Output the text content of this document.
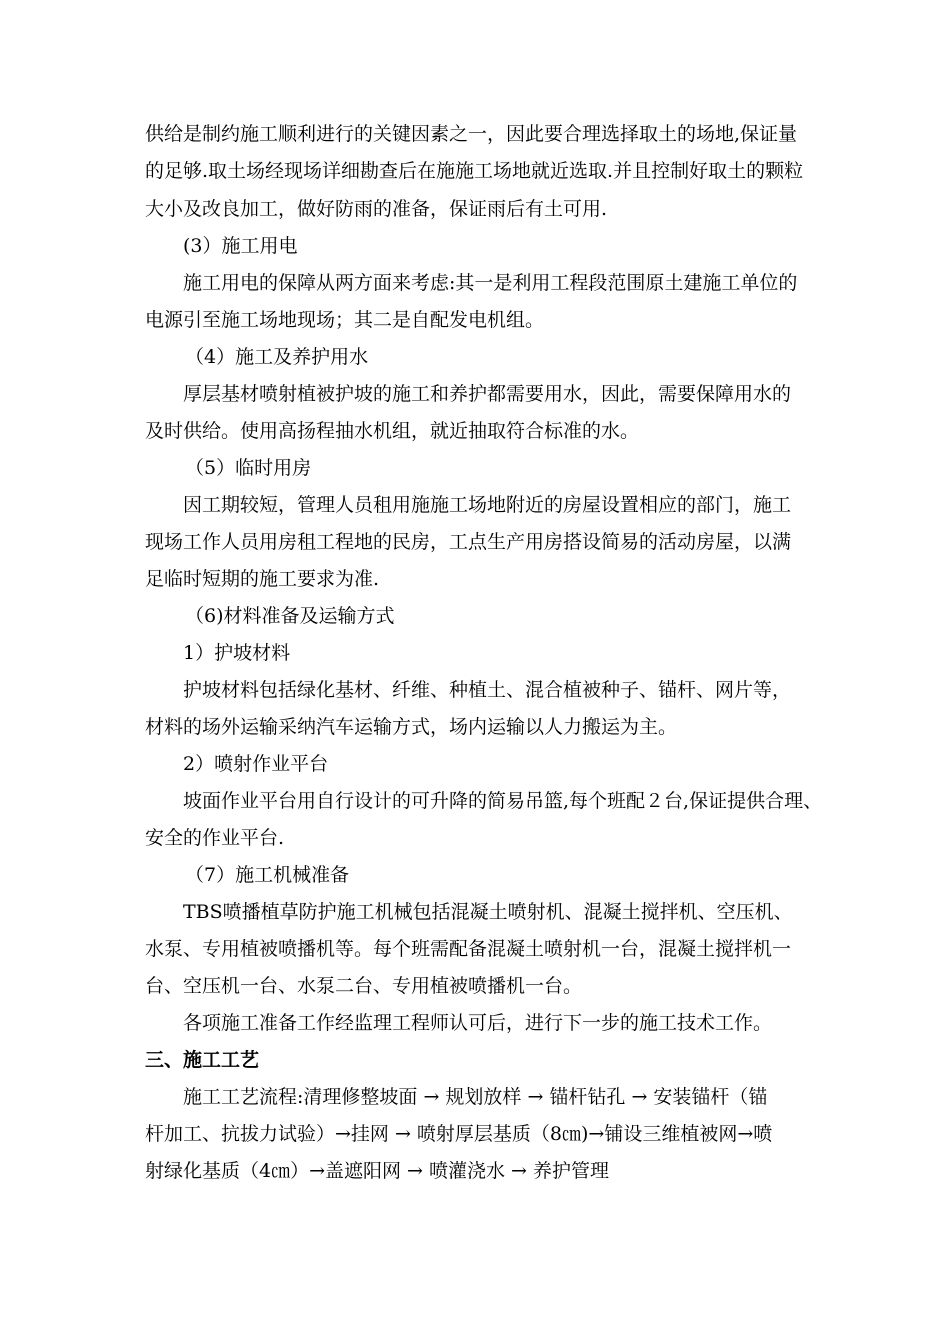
供给是制约施工顺利进行的关键因素之一，因此要合理选择取土的场地,保证量
的足够.取土场经现场详细勘查后在施施工场地就近选取.并且控制好取土的颗粒
大小及改良加工，做好防雨的准备，保证雨后有土可用.
(3）施工用电
施工用电的保障从两方面来考虑:其一是利用工程段范围原土建施工单位的
电源引至施工场地现场；其二是自配发电机组。
（4）施工及养护用水
厚层基材喷射植被护坡的施工和养护都需要用水，因此，需要保障用水的
及时供给。使用高扬程抽水机组，就近抽取符合标准的水。
（5）临时用房
因工期较短，管理人员租用施施工场地附近的房屋设置相应的部门，施工
现场工作人员用房租工程地的民房，工点生产用房搭设简易的活动房屋，以满
足临时短期的施工要求为准.
（6)材料准备及运输方式
1）护坡材料
护坡材料包括绿化基材、纤维、种植土、混合植被种子、锚杆、网片等，
材料的场外运输采纳汽车运输方式，场内运输以人力搬运为主。
2）喷射作业平台
坡面作业平台用自行设计的可升降的简易吊篮,每个班配２台,保证提供合理、
安全的作业平台.
（7）施工机械准备
TBS喷播植草防护施工机械包括混凝土喷射机、混凝土搅拌机、空压机、
水泵、专用植被喷播机等。每个班需配备混凝土喷射机一台，混凝土搅拌机一
台、空压机一台、水泵二台、专用植被喷播机一台。
各项施工准备工作经监理工程师认可后，进行下一步的施工技术工作。
三、施工工艺
施工工艺流程:清理修整坡面 → 规划放样 → 锚杆钻孔 → 安装锚杆（锚
杆加工、抗拔力试验）→挂网 → 喷射厚层基质（8㎝)→铺设三维植被网→喷
射绿化基质（4㎝）→盖遮阳网 → 喷灌浇水 → 养护管理
